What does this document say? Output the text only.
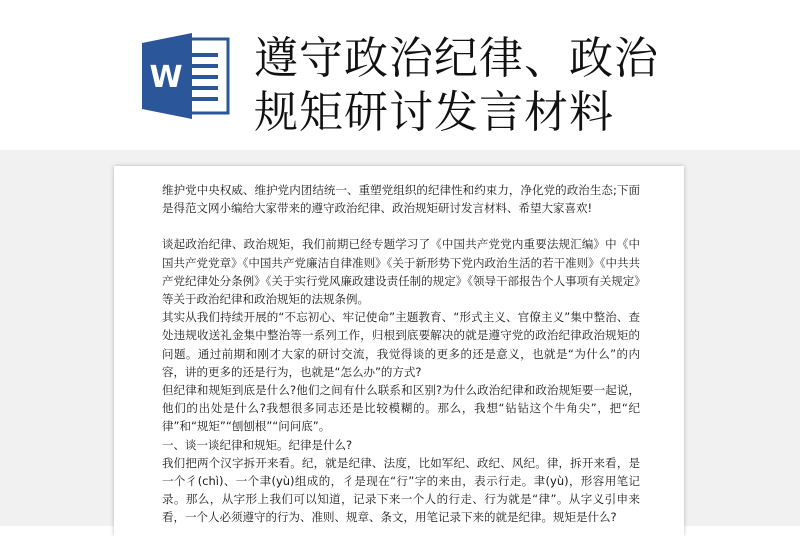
W 遵守政治纪律、政治
规矩研讨发言材料

维护党中央权威、维护党内团结统一、重塑党组织的纪律性和约束力，净化党的政治生态;下面是得范文网小编给大家带来的遵守政治纪律、政治规矩研讨发言材料、希望大家喜欢!

谈起政治纪律、政治规矩，我们前期已经专题学习了《中国共产党党内重要法规汇编》中《中国共产党党章》《中国共产党廉洁自律准则》《关于新形势下党内政治生活的若干准则》《中共共产党纪律处分条例》《关于实行党风廉政建设责任制的规定》《领导干部报告个人事项有关规定》等关于政治纪律和政治规矩的法规条例。

其实从我们持续开展的“不忘初心、牢记使命”主题教育、“形式主义、官僚主义”集中整治、查处违规收送礼金集中整治等一系列工作，归根到底要解决的就是遵守党的政治纪律政治规矩的问题。通过前期和刚才大家的研讨交流，我觉得谈的更多的还是意义，也就是“为什么”的内容，讲的更多的还是行为，也就是“怎么办”的方式?

但纪律和规矩到底是什么?他们之间有什么联系和区别?为什么政治纪律和政治规矩要一起说，他们的出处是什么?我想很多同志还是比较模糊的。那么，我想“钻钻这个牛角尖”，把“纪律”和“规矩”“刨刨根”“问问底”。

一、谈一谈纪律和规矩。纪律是什么?

我们把两个汉字拆开来看。纪，就是纪律、法度，比如军纪、政纪、风纪。律，拆开来看，是一个彳(chì)、一个聿(yù)组成的，彳是现在“行”字的来由，表示行走。聿(yù)，形容用笔记录。那么，从字形上我们可以知道，记录下来一个人的行走、行为就是“律”。从字义引申来看，一个人必须遵守的行为、准则、规章、条文，用笔记录下来的就是纪律。规矩是什么?
